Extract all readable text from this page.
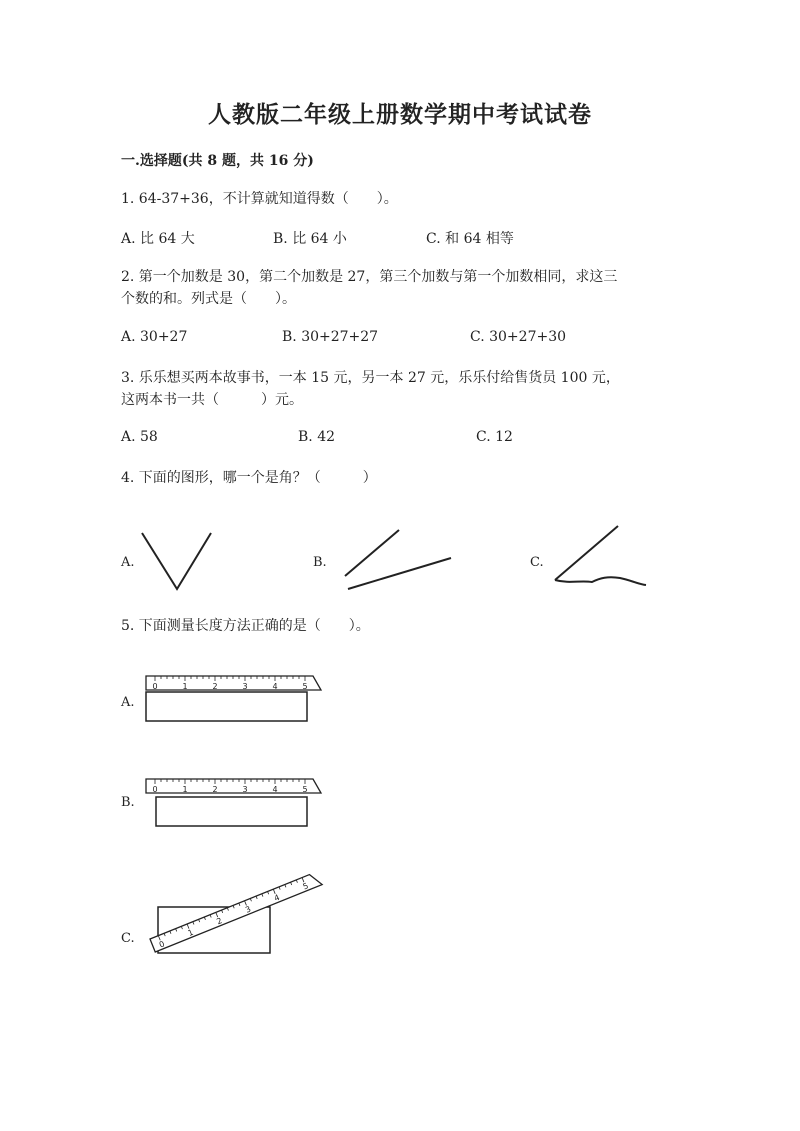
人教版二年级上册数学期中考试试卷
一.选择题(共 8 题，共 16 分)
1. 64-37+36，不计算就知道得数（　　）。
A. 比 64 大	B. 比 64 小	C. 和 64 相等
2. 第一个加数是 30，第二个加数是 27，第三个加数与第一个加数相同，求这三
个数的和。列式是（　　）。
A. 30+27	B. 30+27+27	C. 30+27+30
3. 乐乐想买两本故事书，一本 15 元，另一本 27 元，乐乐付给售货员 100 元，
这两本书一共（　　　）元。
A. 58	B. 42	C. 12
4. 下面的图形，哪一个是角？（　　　）
A.	B.	C.
5. 下面测量长度方法正确的是（　　）。
A.
B.
C.
0	1	2	3	4	5
0	1	2	3	4	5
0
1
2
3
4
5
